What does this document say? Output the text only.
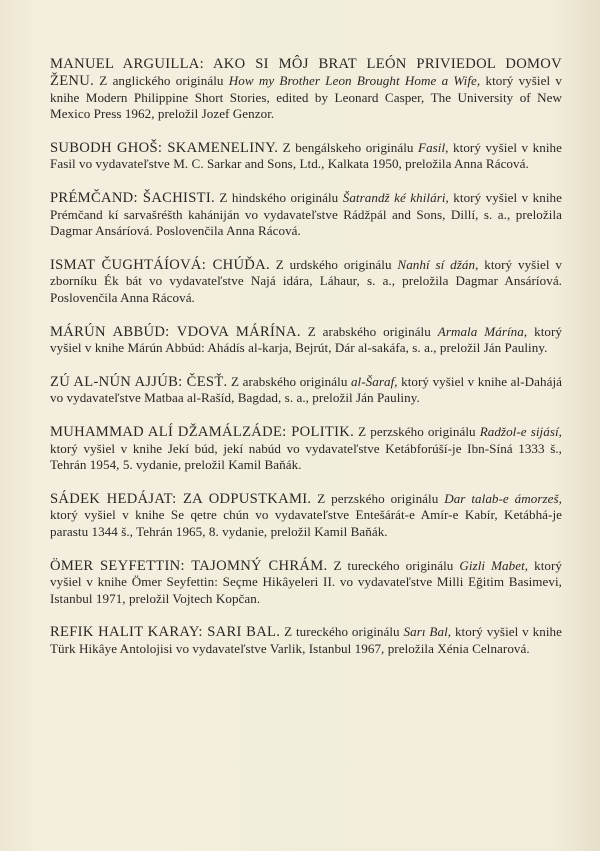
MANUEL ARGUILLA: AKO SI MÔJ BRAT LEÓN PRIVIEDOL DOMOV ŽENU. Z anglického originálu How my Brother Leon Brought Home a Wife, ktorý vyšiel v knihe Modern Philippine Short Stories, edited by Leonard Casper, The University of New Mexico Press 1962, preložil Jozef Genzor.

SUBODH GHOŠ: SKAMENELINY. Z bengálskeho originálu Fasil, ktorý vyšiel v knihe Fasil vo vydavateľstve M. C. Sarkar and Sons, Ltd., Kalkata 1950, preložila Anna Rácová.

PRÉMČAND: ŠACHISTI. Z hindského originálu Šatrandž ké khilári, ktorý vyšiel v knihe Prémčand kí sarvašréšth kahániján vo vydavateľstve Rádžpál and Sons, Dillí, s. a., preložila Dagmar Ansáríová. Poslovenčila Anna Rácová.

ISMAT ČUGHTÁÍOVÁ: CHÚĎA. Z urdského originálu Nanhí sí džán, ktorý vyšiel v zborníku Ék bát vo vydavateľstve Najá idára, Láhaur, s. a., preložila Dagmar Ansáríová. Poslovenčila Anna Rácová.

MÁRÚN ABBÚD: VDOVA MÁRÍNA. Z arabského originálu Armala Márína, ktorý vyšiel v knihe Márún Abbúd: Ahádís al-karja, Bejrút, Dár al-sakáfa, s. a., preložil Ján Pauliny.

ZÚ AL-NÚN AJJÚB: ČESŤ. Z arabského originálu al-Šaraf, ktorý vyšiel v knihe al-Dahájá vo vydavateľstve Matbaa al-Rašíd, Bagdad, s. a., preložil Ján Pauliny.

MUHAMMAD ALÍ DŽAMÁLZÁDE: POLITIK. Z perzského originálu Radžol-e sijásí, ktorý vyšiel v knihe Jekí búd, jekí nabúd vo vydavateľstve Ketábforúší-je Ibn-Síná 1333 š., Tehrán 1954, 5. vydanie, preložil Kamil Baňák.

SÁDEK HEDÁJAT: ZA ODPUSTKAMI. Z perzského originálu Dar talab-e ámorzeš, ktorý vyšiel v knihe Se qetre chún vo vydavateľstve Entešárát-e Amír-e Kabír, Ketábhá-je parastu 1344 š., Tehrán 1965, 8. vydanie, preložil Kamil Baňák.

ÖMER SEYFETTIN: TAJOMNÝ CHRÁM. Z tureckého originálu Gizli Mabet, ktorý vyšiel v knihe Ömer Seyfettin: Seçme Hikâyeleri II. vo vydavateľstve Milli Eğitim Basimevi, Istanbul 1971, preložil Vojtech Kopčan.

REFIK HALIT KARAY: SARI BAL. Z tureckého originálu Sarı Bal, ktorý vyšiel v knihe Türk Hikâye Antolojisi vo vydavateľstve Varlik, Istanbul 1967, preložila Xénia Celnarová.
